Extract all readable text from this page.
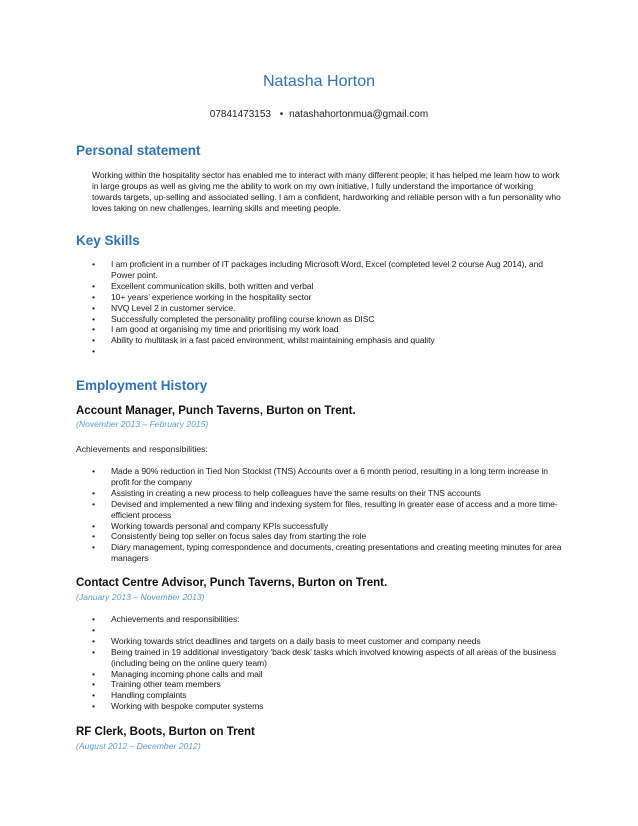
Natasha Horton
07841473153 • natashahortonmua@gmail.com
Personal statement
Working within the hospitality sector has enabled me to interact with many different people; it has helped me learn how to work in large groups as well as giving me the ability to work on my own initiative, I fully understand the importance of working towards targets, up-selling and associated selling. I am a confident, hardworking and reliable person with a fun personality who loves taking on new challenges, learning skills and meeting people.
Key Skills
• I am proficient in a number of IT packages including Microsoft Word, Excel (completed level 2 course Aug 2014), and Power point.
• Excellent communication skills, both written and verbal
• 10+ years’ experience working in the hospitality sector
• NVQ Level 2 in customer service.
• Successfully completed the personality profiling course known as DISC
• I am good at organising my time and prioritising my work load
• Ability to multitask in a fast paced environment, whilst maintaining emphasis and quality
•
Employment History
Account Manager, Punch Taverns, Burton on Trent.
(November 2013 – February 2015)
Achievements and responsibilities:
• Made a 90% reduction in Tied Non Stockist (TNS) Accounts over a 6 month period, resulting in a long term increase in profit for the company
• Assisting in creating a new process to help colleagues have the same results on their TNS accounts
• Devised and implemented a new filing and indexing system for files, resulting in greater ease of access and a more time-efficient process
• Working towards personal and company KPIs successfully
• Consistently being top seller on focus sales day from starting the role
• Diary management, typing correspondence and documents, creating presentations and creating meeting minutes for area managers
Contact Centre Advisor, Punch Taverns, Burton on Trent.
(January 2013 – November 2013)
• Achievements and responsibilities:
•
• Working towards strict deadlines and targets on a daily basis to meet customer and company needs
• Being trained in 19 additional investigatory ‘back desk’ tasks which involved knowing aspects of all areas of the business (including being on the online query team)
• Managing incoming phone calls and mail
• Training other team members
• Handling complaints
• Working with bespoke computer systems
RF Clerk, Boots, Burton on Trent
(August 2012 – December 2012)
